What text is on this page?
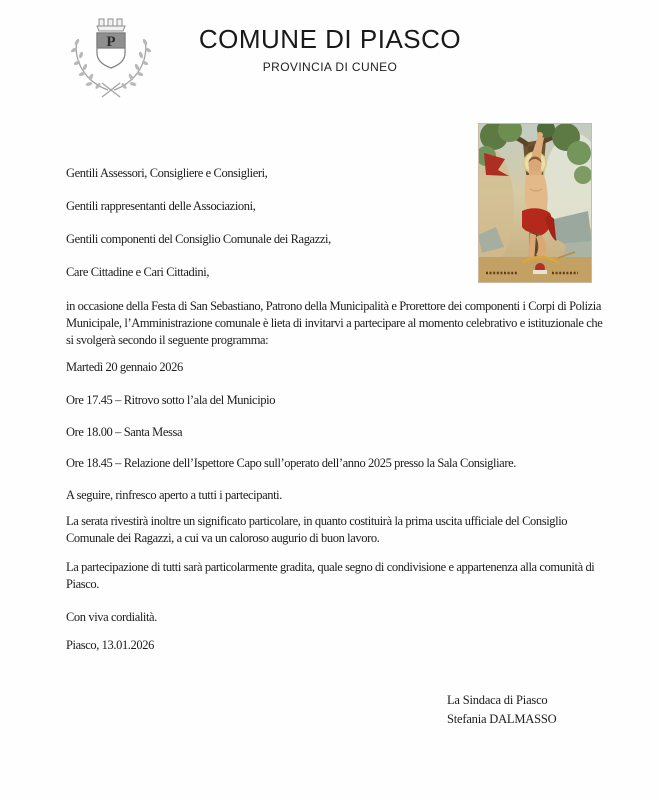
P	COMUNE DI PIASCO
PROVINCIA DI CUNEO

Gentili Assessori, Consigliere e Consiglieri,

Gentili rappresentanti delle Associazioni,

Gentili componenti del Consiglio Comunale dei Ragazzi,

Care Cittadine e Cari Cittadini,

in occasione della Festa di San Sebastiano, Patrono della Municipalità e Prorettore dei componenti i Corpi di Polizia Municipale, l’Amministrazione comunale è lieta di invitarvi a partecipare al momento celebrativo e istituzionale che si svolgerà secondo il seguente programma:

Martedì 20 gennaio 2026

Ore 17.45 – Ritrovo sotto l’ala del Municipio

Ore 18.00 – Santa Messa

Ore 18.45 – Relazione dell’Ispettore Capo sull’operato dell’anno 2025 presso la Sala Consigliare.

A seguire, rinfresco aperto a tutti i partecipanti.

La serata rivestirà inoltre un significato particolare, in quanto costituirà la prima uscita ufficiale del Consiglio Comunale dei Ragazzi, a cui va un caloroso augurio di buon lavoro.

La partecipazione di tutti sarà particolarmente gradita, quale segno di condivisione e appartenenza alla comunità di Piasco.

Con viva cordialità.

Piasco, 13.01.2026

La Sindaca di Piasco
Stefania DALMASSO
